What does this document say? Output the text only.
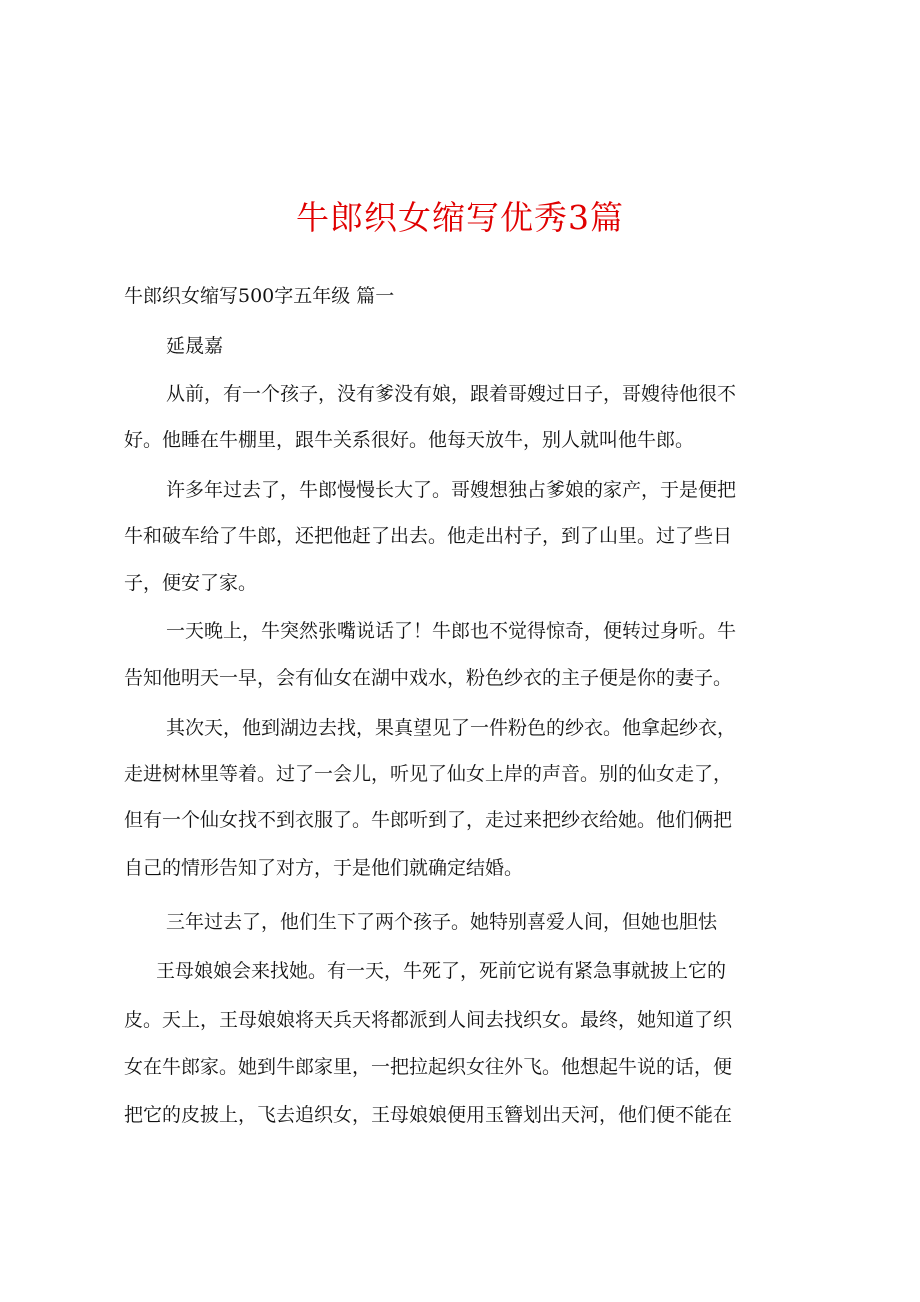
牛郎织女缩写优秀3篇
牛郎织女缩写500字五年级 篇一
延晟嘉
从前，有一个孩子，没有爹没有娘，跟着哥嫂过日子，哥嫂待他很不
好。他睡在牛棚里，跟牛关系很好。他每天放牛，别人就叫他牛郎。
许多年过去了，牛郎慢慢长大了。哥嫂想独占爹娘的家产，于是便把
牛和破车给了牛郎，还把他赶了出去。他走出村子，到了山里。过了些日
子，便安了家。
一天晚上，牛突然张嘴说话了！牛郎也不觉得惊奇，便转过身听。牛
告知他明天一早，会有仙女在湖中戏水，粉色纱衣的主子便是你的妻子。
其次天，他到湖边去找，果真望见了一件粉色的纱衣。他拿起纱衣，
走进树林里等着。过了一会儿，听见了仙女上岸的声音。别的仙女走了，
但有一个仙女找不到衣服了。牛郎听到了，走过来把纱衣给她。他们俩把
自己的情形告知了对方，于是他们就确定结婚。
三年过去了，他们生下了两个孩子。她特别喜爱人间，但她也胆怯
王母娘娘会来找她。有一天，牛死了，死前它说有紧急事就披上它的
皮。天上，王母娘娘将天兵天将都派到人间去找织女。最终，她知道了织
女在牛郎家。她到牛郎家里，一把拉起织女往外飞。他想起牛说的话，便
把它的皮披上，飞去追织女，王母娘娘便用玉簪划出天河，他们便不能在
